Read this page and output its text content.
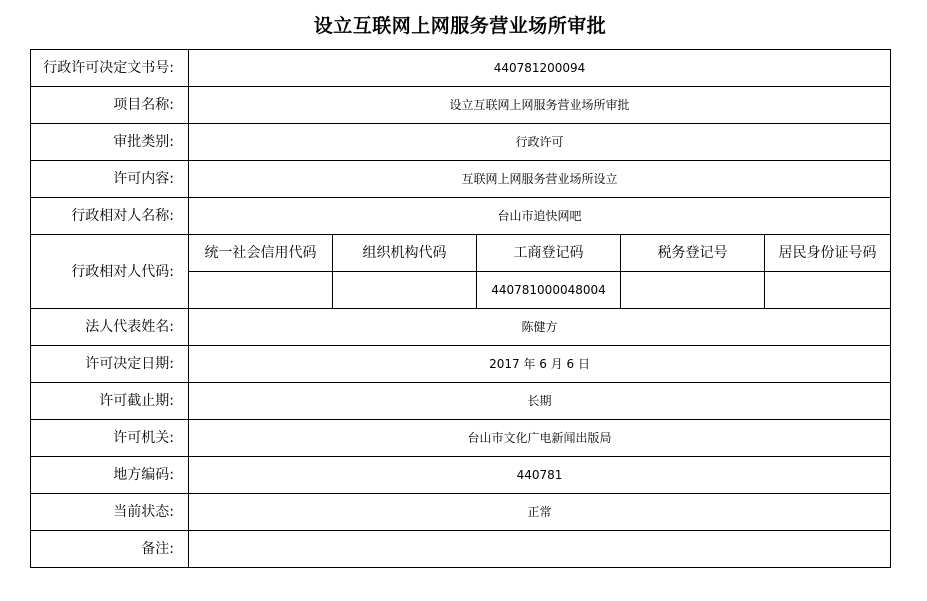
设立互联网上网服务营业场所审批
行政许可决定文书号:	440781200094				
项目名称:	设立互联网上网服务营业场所审批				
审批类别:	行政许可				
许可内容:	互联网上网服务营业场所设立				
行政相对人名称:	台山市追快网吧				
行政相对人代码:	统一社会信用代码	组织机构代码	工商登记码	税务登记号	居民身份证号码
			440781000048004		
法人代表姓名:	陈健方				
许可决定日期:	2017 年 6 月 6 日				
许可截止期:	长期				
许可机关:	台山市文化广电新闻出版局				
地方编码:	440781				
当前状态:	正常				
备注:					
